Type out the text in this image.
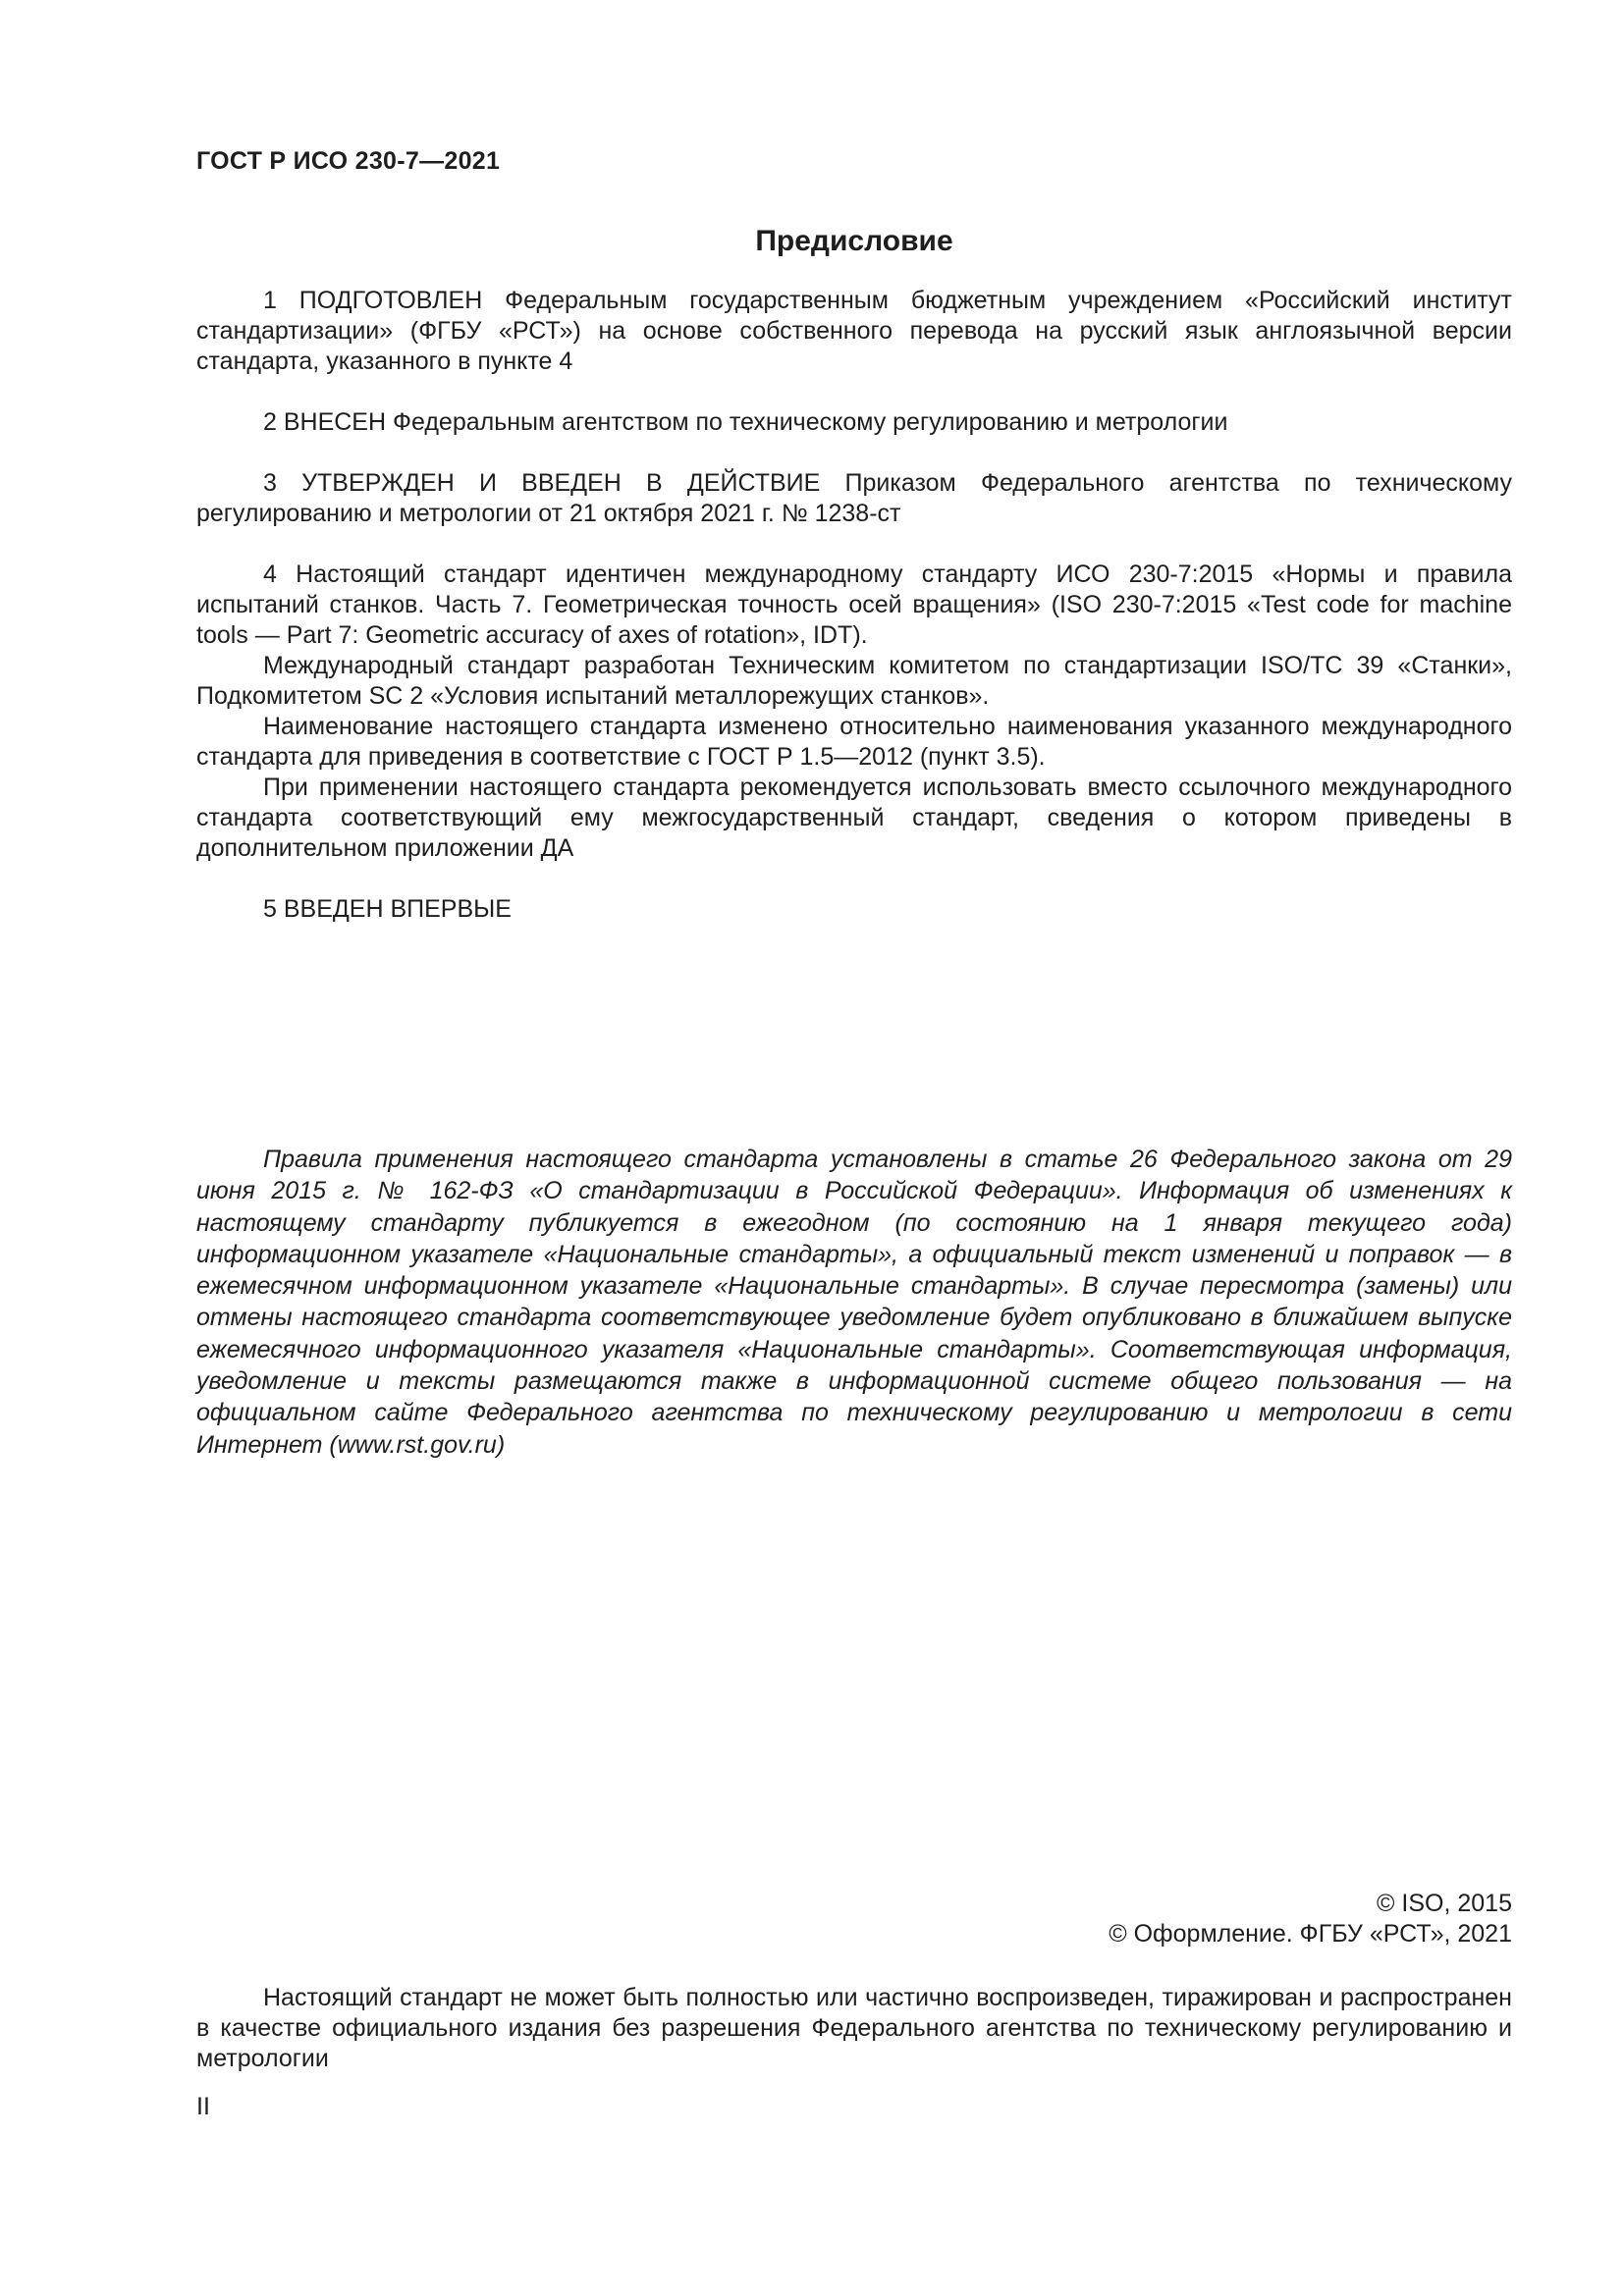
ГОСТ Р ИСО 230-7—2021
Предисловие

1 ПОДГОТОВЛЕН Федеральным государственным бюджетным учреждением «Российский институт стандартизации» (ФГБУ «РСТ») на основе собственного перевода на русский язык англоязычной версии стандарта, указанного в пункте 4

2 ВНЕСЕН Федеральным агентством по техническому регулированию и метрологии

3 УТВЕРЖДЕН И ВВЕДЕН В ДЕЙСТВИЕ Приказом Федерального агентства по техническому регулированию и метрологии от 21 октября 2021 г. № 1238-ст

4 Настоящий стандарт идентичен международному стандарту ИСО 230-7:2015 «Нормы и правила испытаний станков. Часть 7. Геометрическая точность осей вращения» (ISO 230-7:2015 «Test code for machine tools — Part 7: Geometric accuracy of axes of rotation», IDT).

Международный стандарт разработан Техническим комитетом по стандартизации ISO/TC 39 «Станки», Подкомитетом SC 2 «Условия испытаний металлорежущих станков».

Наименование настоящего стандарта изменено относительно наименования указанного международного стандарта для приведения в соответствие с ГОСТ Р 1.5—2012 (пункт 3.5).

При применении настоящего стандарта рекомендуется использовать вместо ссылочного международного стандарта соответствующий ему межгосударственный стандарт, сведения о котором приведены в дополнительном приложении ДА

5 ВВЕДЕН ВПЕРВЫЕ

Правила применения настоящего стандарта установлены в статье 26 Федерального закона от 29 июня 2015 г. № 162-ФЗ «О стандартизации в Российской Федерации». Информация об изменениях к настоящему стандарту публикуется в ежегодном (по состоянию на 1 января текущего года) информационном указателе «Национальные стандарты», а официальный текст изменений и поправок — в ежемесячном информационном указателе «Национальные стандарты». В случае пересмотра (замены) или отмены настоящего стандарта соответствующее уведомление будет опубликовано в ближайшем выпуске ежемесячного информационного указателя «Национальные стандарты». Соответствующая информация, уведомление и тексты размещаются также в информационной системе общего пользования — на официальном сайте Федерального агентства по техническому регулированию и метрологии в сети Интернет (www.rst.gov.ru)

© ISO, 2015
© Оформление. ФГБУ «РСТ», 2021

Настоящий стандарт не может быть полностью или частично воспроизведен, тиражирован и распространен в качестве официального издания без разрешения Федерального агентства по техническому регулированию и метрологии

II
